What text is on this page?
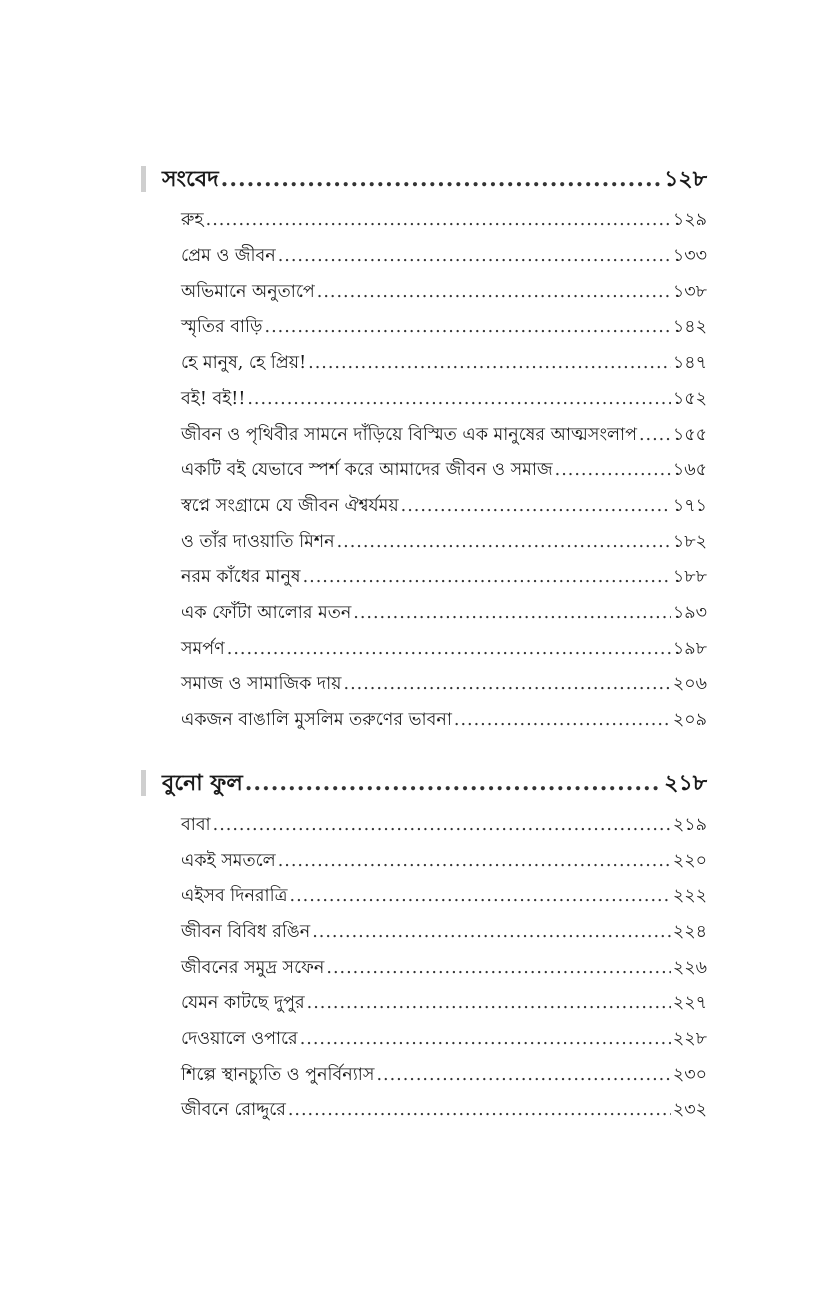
সংবেদ .....	১২৮
রুহ .....	১২৯
প্রেম ও জীবন .....	১৩৩
অভিমানে অনুতাপে .....	১৩৮
স্মৃতির বাড়ি .....	১৪২
হে মানুষ, হে প্রিয়! .....	১৪৭
বই! বই!! .....	১৫২
জীবন ও পৃথিবীর সামনে দাঁড়িয়ে বিস্মিত এক মানুষের আত্মসংলাপ ..... ১৫৫
একটি বই যেভাবে স্পর্শ করে আমাদের জীবন ও সমাজ .....	১৬৫
স্বপ্নে সংগ্রামে যে জীবন ঐশ্বর্যময় .....	১৭১
ও তাঁর দাওয়াতি মিশন .....	১৮২
নরম কাঁধের মানুষ .....	১৮৮
এক ফোঁটা আলোর মতন .....	১৯৩
সমর্পণ .....	১৯৮
সমাজ ও সামাজিক দায় .....	২০৬
একজন বাঙালি মুসলিম তরুণের ভাবনা .....	২০৯
বুনো ফুল .....	২১৮
বাবা .....	২১৯
একই সমতলে .....	২২০
এইসব দিনরাত্রি .....	২২২
জীবন বিবিধ রঙিন .....	২২৪
জীবনের সমুদ্র সফেন .....	২২৬
যেমন কাটছে দুপুর .....	২২৭
দেওয়ালে ওপারে .....	২২৮
শিল্পে স্থানচ্যুতি ও পুনর্বিন্যাস .....	২৩০
জীবনে রোদ্দুরে .....	২৩২
